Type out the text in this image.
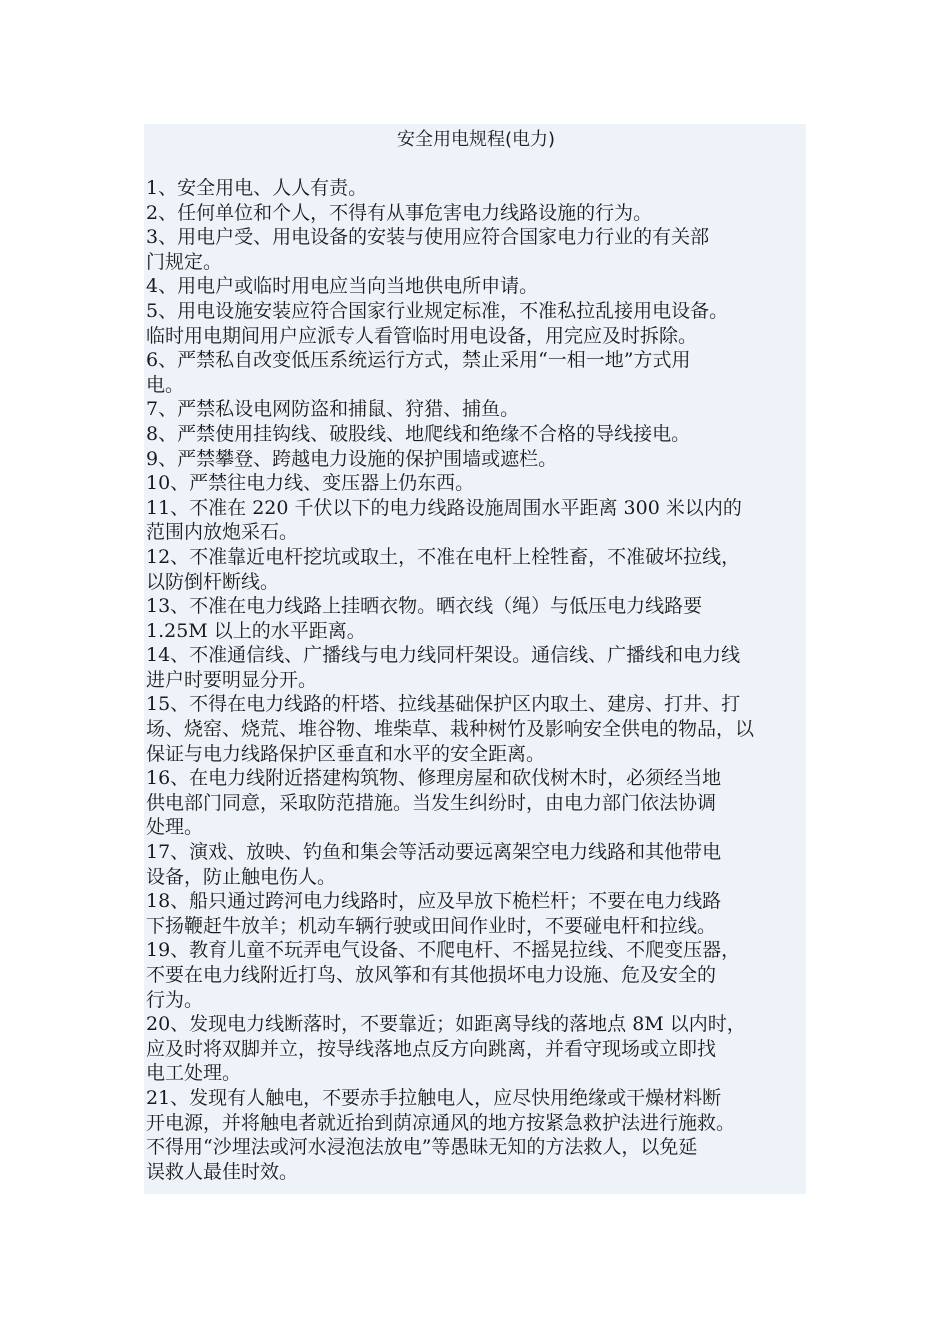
安全用电规程(电力)
1、安全用电、人人有责。
2、任何单位和个人，不得有从事危害电力线路设施的行为。
3、用电户受、用电设备的安装与使用应符合国家电力行业的有关部
门规定。
4、用电户或临时用电应当向当地供电所申请。
5、用电设施安装应符合国家行业规定标准，不准私拉乱接用电设备。
临时用电期间用户应派专人看管临时用电设备，用完应及时拆除。
6、严禁私自改变低压系统运行方式，禁止采用“一相一地”方式用
电。
7、严禁私设电网防盗和捕鼠、狩猎、捕鱼。
8、严禁使用挂钩线、破股线、地爬线和绝缘不合格的导线接电。
9、严禁攀登、跨越电力设施的保护围墙或遮栏。
10、严禁往电力线、变压器上仍东西。
11、不准在 220 千伏以下的电力线路设施周围水平距离 300 米以内的
范围内放炮采石。
12、不准靠近电杆挖坑或取土，不准在电杆上栓牲畜，不准破坏拉线，
以防倒杆断线。
13、不准在电力线路上挂晒衣物。晒衣线（绳）与低压电力线路要
1.25M 以上的水平距离。
14、不准通信线、广播线与电力线同杆架设。通信线、广播线和电力线
进户时要明显分开。
15、不得在电力线路的杆塔、拉线基础保护区内取土、建房、打井、打
场、烧窑、烧荒、堆谷物、堆柴草、栽种树竹及影响安全供电的物品，以
保证与电力线路保护区垂直和水平的安全距离。
16、在电力线附近搭建构筑物、修理房屋和砍伐树木时，必须经当地
供电部门同意，采取防范措施。当发生纠纷时，由电力部门依法协调
处理。
17、演戏、放映、钓鱼和集会等活动要远离架空电力线路和其他带电
设备，防止触电伤人。
18、船只通过跨河电力线路时，应及早放下桅栏杆；不要在电力线路
下扬鞭赶牛放羊；机动车辆行驶或田间作业时，不要碰电杆和拉线。
19、教育儿童不玩弄电气设备、不爬电杆、不摇晃拉线、不爬变压器，
不要在电力线附近打鸟、放风筝和有其他损坏电力设施、危及安全的
行为。
20、发现电力线断落时，不要靠近；如距离导线的落地点 8M 以内时，
应及时将双脚并立，按导线落地点反方向跳离，并看守现场或立即找
电工处理。
21、发现有人触电，不要赤手拉触电人，应尽快用绝缘或干燥材料断
开电源，并将触电者就近抬到荫凉通风的地方按紧急救护法进行施救。
不得用“沙埋法或河水浸泡法放电”等愚昧无知的方法救人，以免延
误救人最佳时效。
